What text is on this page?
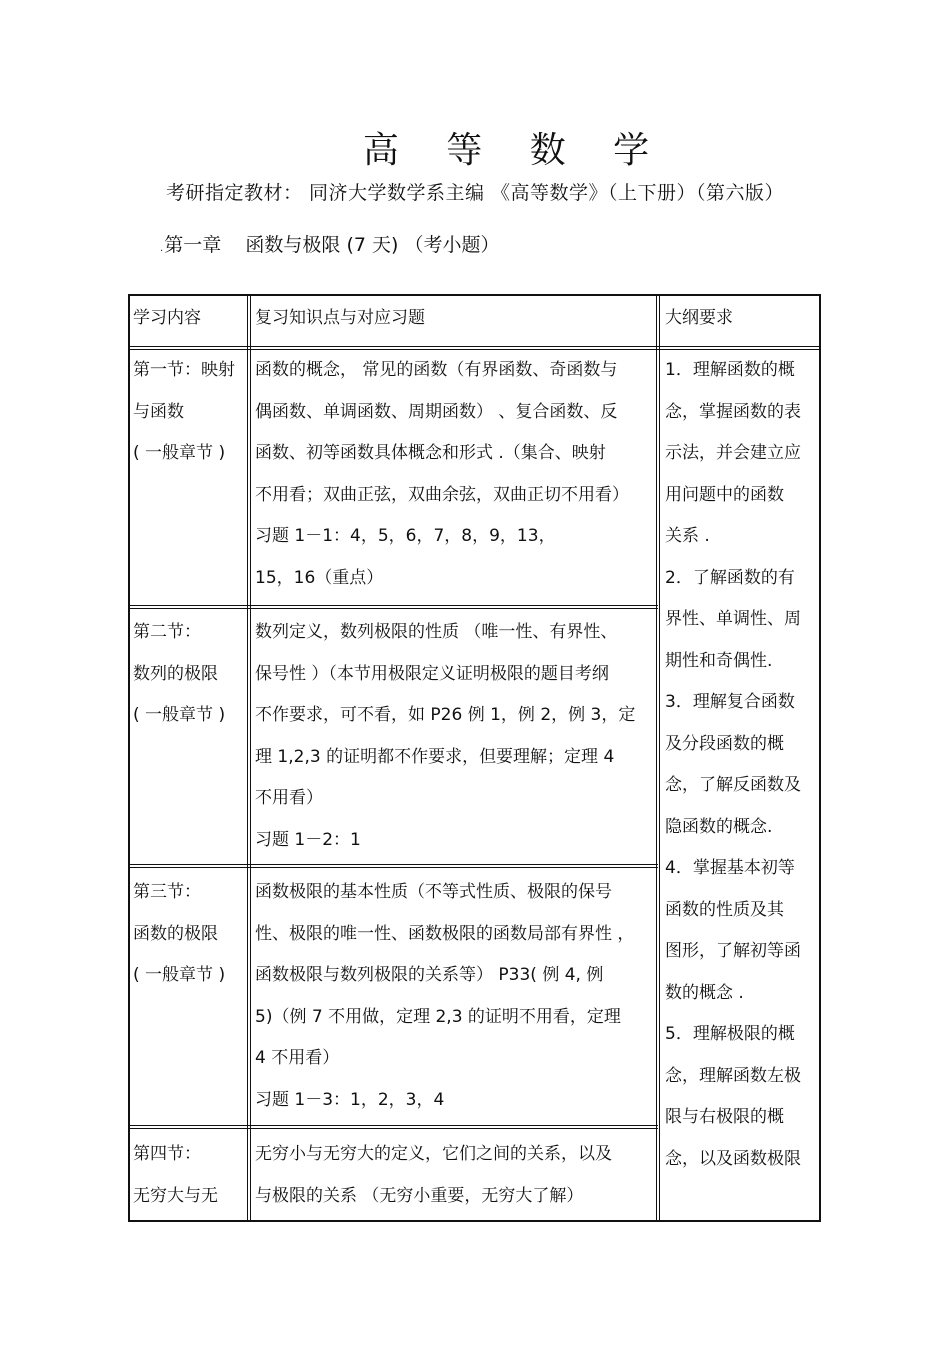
高 等 数 学
考研指定教材： 同济大学数学系主编 《高等数学》（上下册）（第六版）
.第一章 函数与极限 (7 天) （考小题）

学习内容	复习知识点与对应习题	大纲要求

第一节：映射

与函数

( 一般章节 )

函数的概念， 常见的函数（有界函数、奇函数与

偶函数、单调函数、周期函数） 、复合函数、反

函数、初等函数具体概念和形式 .（集合、映射

不用看；双曲正弦，双曲余弦，双曲正切不用看）

习题 1－1：4，5，6，7，8，9，13，

15，16（重点）

第二节：

数列的极限

( 一般章节 )

数列定义，数列极限的性质 （唯一性、有界性、

保号性 ）（本节用极限定义证明极限的题目考纲

不作要求，可不看，如 P26 例 1，例 2，例 3，定

理 1,2,3 的证明都不作要求，但要理解；定理 4

不用看）

习题 1－2：1

第三节：

函数的极限

( 一般章节 )

函数极限的基本性质（不等式性质、极限的保号

性、极限的唯一性、函数极限的函数局部有界性 ，

函数极限与数列极限的关系等） P33( 例 4, 例

5)（例 7 不用做，定理 2,3 的证明不用看，定理

4 不用看）

习题 1－3：1，2，3，4

第四节：

无穷大与无

无穷小与无穷大的定义，它们之间的关系，以及

与极限的关系 （无穷小重要，无穷大了解）

1．理解函数的概

念，掌握函数的表

示法，并会建立应

用问题中的函数

关系 .

2．了解函数的有

界性、单调性、周

期性和奇偶性.

3．理解复合函数

及分段函数的概

念，了解反函数及

隐函数的概念.

4．掌握基本初等

函数的性质及其

图形，了解初等函

数的概念 .

5．理解极限的概

念，理解函数左极

限与右极限的概

念，以及函数极限
